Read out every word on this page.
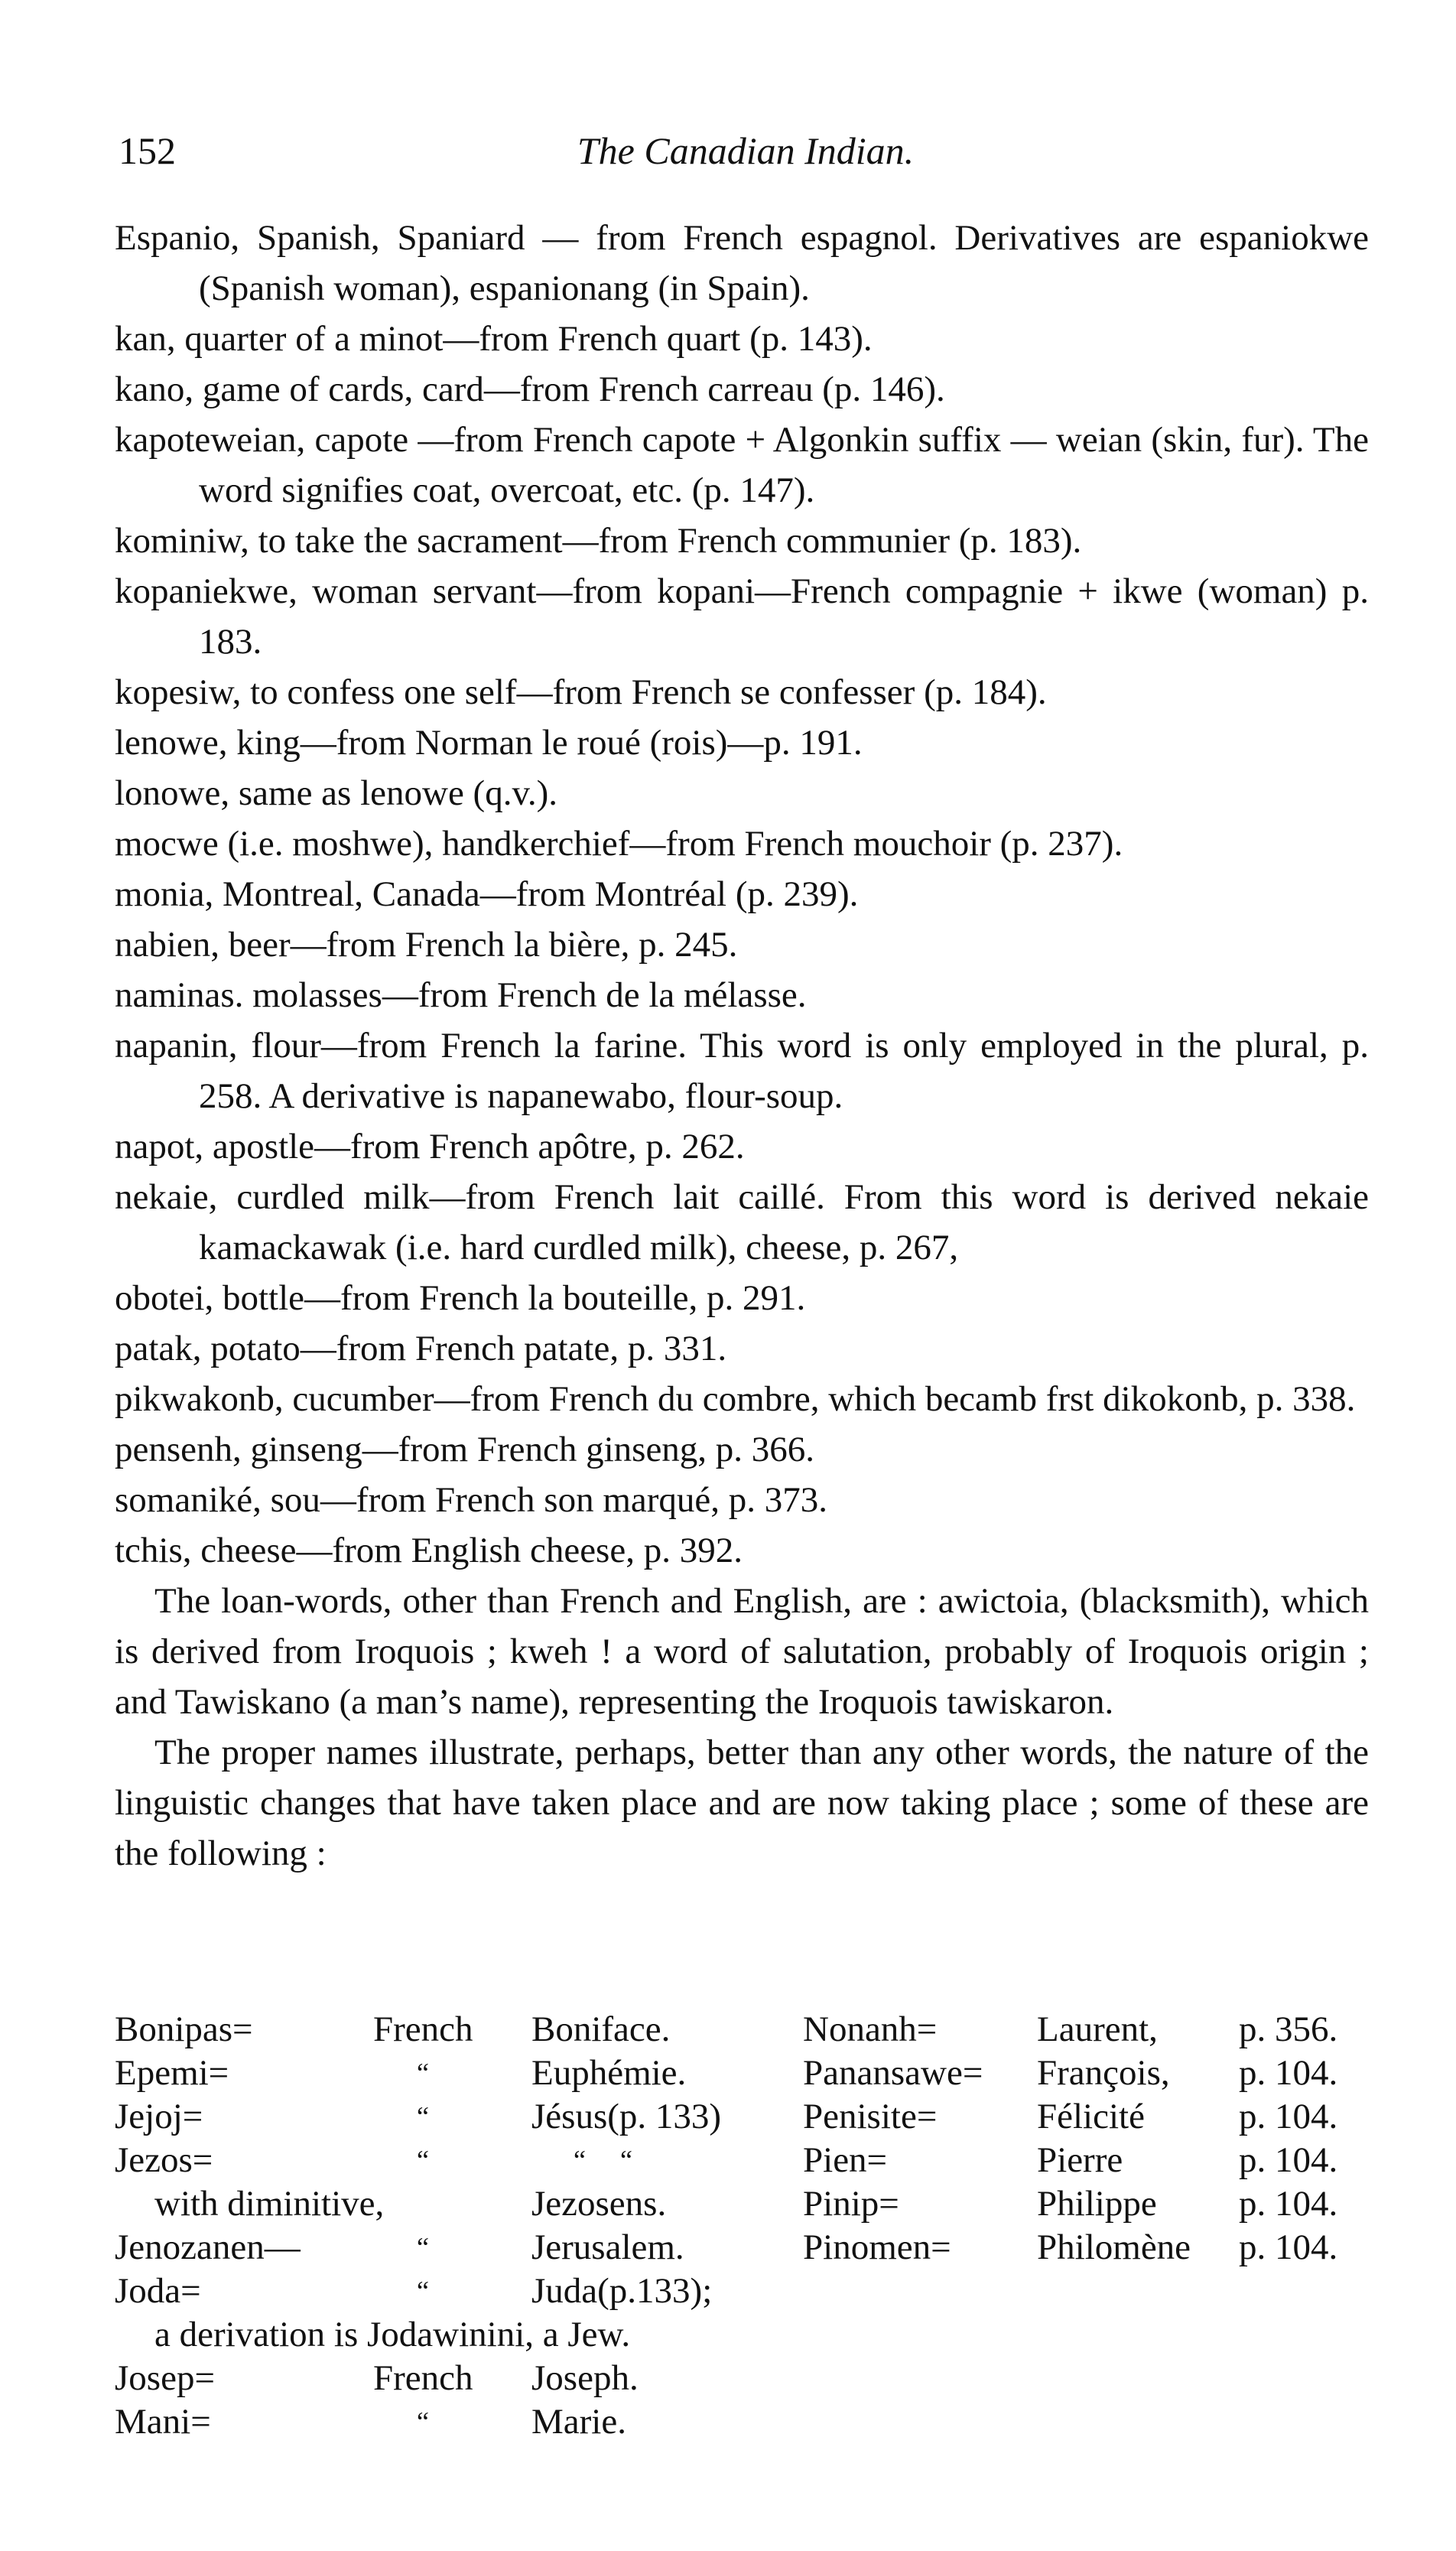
152	The Canadian Indian.
Espanio, Spanish, Spaniard — from French espagnol. Derivatives are espaniokwe (Spanish woman), espanionang (in Spain).
kan, quarter of a minot—from French quart (p. 143).
kano, game of cards, card—from French carreau (p. 146).
kapoteweian, capote —from French capote + Algonkin suffix — weian (skin, fur). The word signifies coat, overcoat, etc. (p. 147).
kominiw, to take the sacrament—from French communier (p. 183).
kopaniekwe, woman servant—from kopani—French compagnie + ikwe (woman) p. 183.
kopesiw, to confess one self—from French se confesser (p. 184).
lenowe, king—from Norman le roué (rois)—p. 191.
lonowe, same as lenowe (q.v.).
mocwe (i.e. moshwe), handkerchief—from French mouchoir (p. 237).
monia, Montreal, Canada—from Montréal (p. 239).
nabien, beer—from French la bière, p. 245.
naminas. molasses—from French de la mélasse.
napanin, flour—from French la farine. This word is only employed in the plural, p. 258. A derivative is napanewabo, flour-soup.
napot, apostle—from French apôtre, p. 262.
nekaie, curdled milk—from French lait caillé. From this word is derived nekaie kamackawak (i.e. hard curdled milk), cheese, p. 267,
obotei, bottle—from French la bouteille, p. 291.
patak, potato—from French patate, p. 331.
pikwakonb, cucumber—from French du combre, which becamb frst dikokonb, p. 338.
pensenh, ginseng—from French ginseng, p. 366.
somaniké, sou—from French son marqué, p. 373.
tchis, cheese—from English cheese, p. 392.
The loan-words, other than French and English, are : awictoia, (blacksmith), which is derived from Iroquois ; kweh ! a word of salutation, probably of Iroquois origin ; and Tawiskano (a man’s name), representing the Iroquois tawiskaron.
The proper names illustrate, perhaps, better than any other words, the nature of the linguistic changes that have taken place and are now taking place ; some of these are the following :
Bonipas=	French Boniface.
Epemi=	“	Euphémie.
Jejoj=	“	Jésus(p. 133)
Jezos=	“	“     “
with diminitive,	Jezosens.
Jenozanen—	“	Jerusalem.
Joda=	“	Juda(p.133);
a derivation is Jodawinini, a Jew.
Josep=	French Joseph.
Mani=	“	Marie.
Nonanh=	Laurent, p. 356.
Panansawe= François, p. 104.
Penisite=	Félicité	p. 104.
Pien=	Pierre	p. 104.
Pinip=	Philippe p. 104.
Pinomen= Philomène p. 104.
